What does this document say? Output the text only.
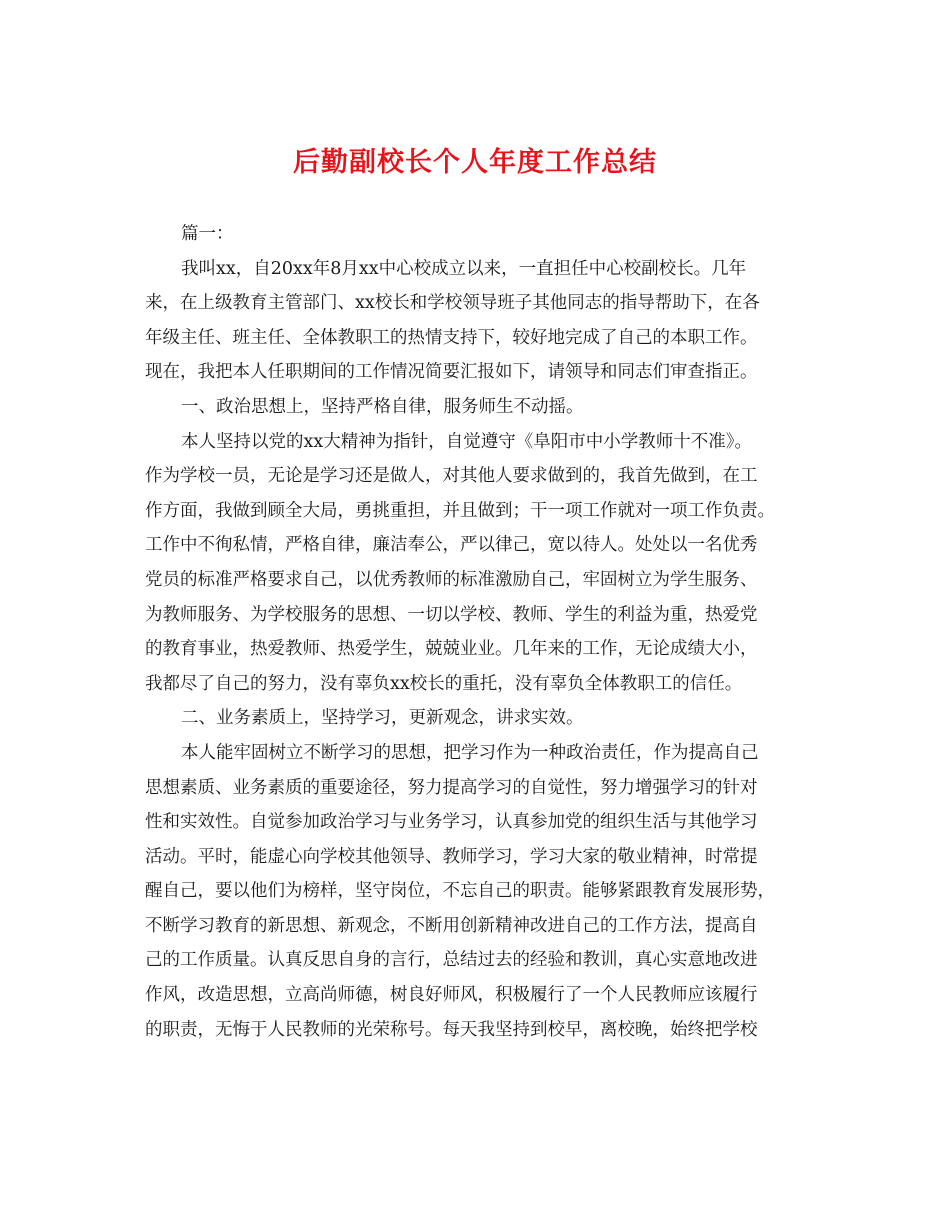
后勤副校长个人年度工作总结
篇一：
我叫xx，自20xx年8月xx中心校成立以来，一直担任中心校副校长。几年
来，在上级教育主管部门、xx校长和学校领导班子其他同志的指导帮助下，在各
年级主任、班主任、全体教职工的热情支持下，较好地完成了自己的本职工作。
现在，我把本人任职期间的工作情况简要汇报如下，请领导和同志们审查指正。
一、政治思想上，坚持严格自律，服务师生不动摇。
本人坚持以党的xx大精神为指针，自觉遵守《阜阳市中小学教师十不准》。
作为学校一员，无论是学习还是做人，对其他人要求做到的，我首先做到，在工
作方面，我做到顾全大局，勇挑重担，并且做到；干一项工作就对一项工作负责。
工作中不徇私情，严格自律，廉洁奉公，严以律己，宽以待人。处处以一名优秀
党员的标准严格要求自己，以优秀教师的标准激励自己，牢固树立为学生服务、
为教师服务、为学校服务的思想、一切以学校、教师、学生的利益为重，热爱党
的教育事业，热爱教师、热爱学生，兢兢业业。几年来的工作，无论成绩大小，
我都尽了自己的努力，没有辜负xx校长的重托，没有辜负全体教职工的信任。
二、业务素质上，坚持学习，更新观念，讲求实效。
本人能牢固树立不断学习的思想，把学习作为一种政治责任，作为提高自己
思想素质、业务素质的重要途径，努力提高学习的自觉性，努力增强学习的针对
性和实效性。自觉参加政治学习与业务学习，认真参加党的组织生活与其他学习
活动。平时，能虚心向学校其他领导、教师学习，学习大家的敬业精神，时常提
醒自己，要以他们为榜样，坚守岗位，不忘自己的职责。能够紧跟教育发展形势，
不断学习教育的新思想、新观念，不断用创新精神改进自己的工作方法，提高自
己的工作质量。认真反思自身的言行，总结过去的经验和教训，真心实意地改进
作风，改造思想，立高尚师德，树良好师风，积极履行了一个人民教师应该履行
的职责，无悔于人民教师的光荣称号。每天我坚持到校早，离校晚，始终把学校
